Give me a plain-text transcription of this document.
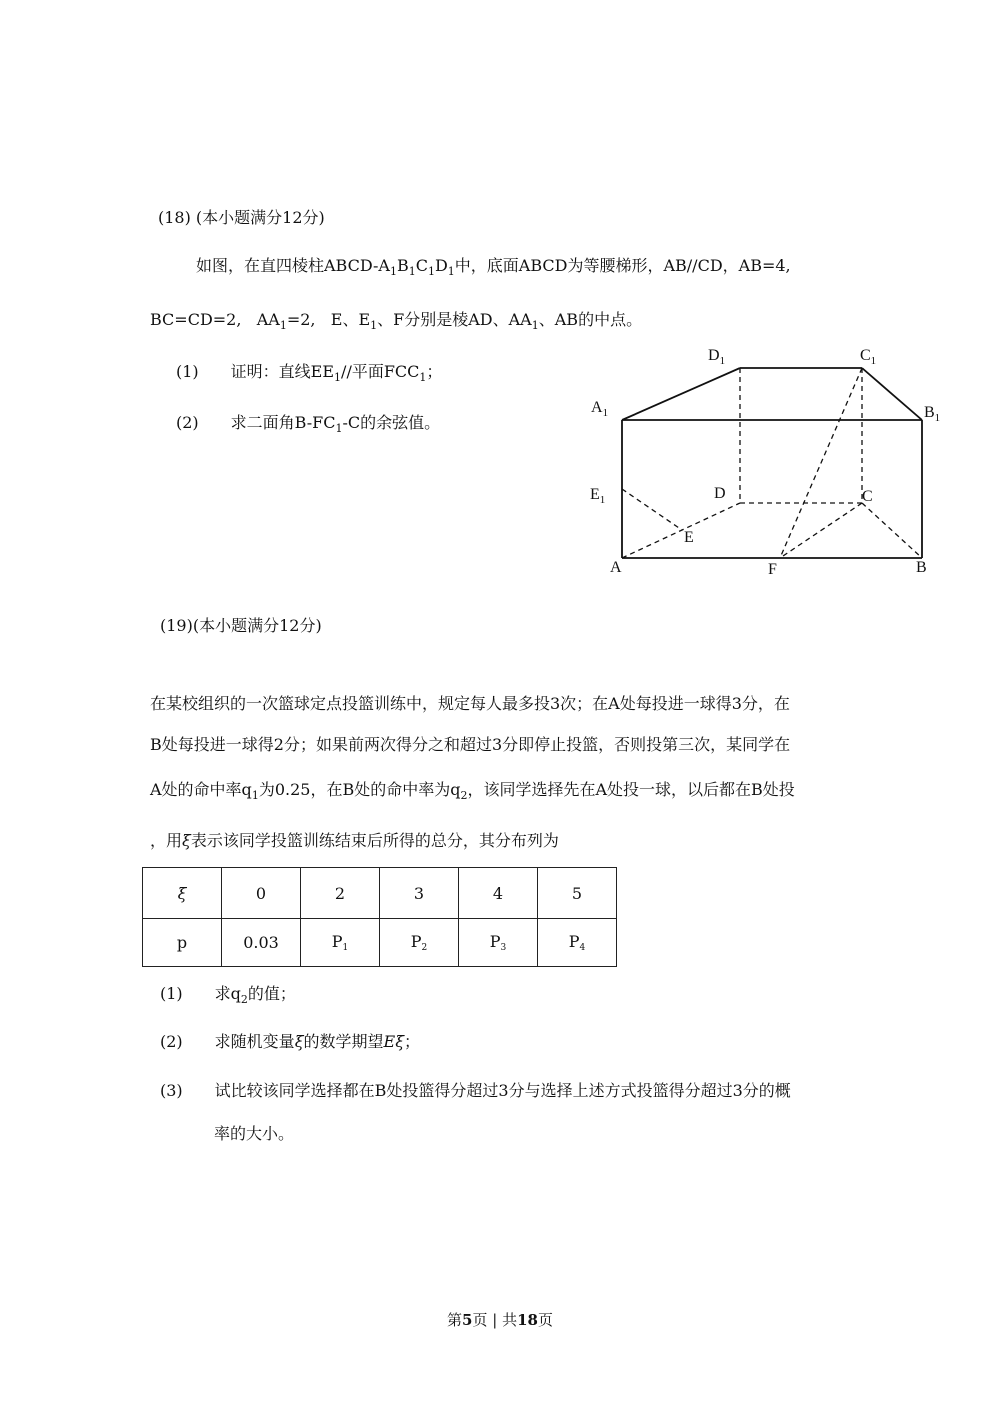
(18) (本小题满分12分)
如图，在直四棱柱ABCD-$A_1B_1C_1D_1$中，底面ABCD为等腰梯形，AB//CD，AB=4,
BC=CD=2, $AA_1=2$, E、$E_1$、F分别是棱AD、$AA_1$、AB的中点。
(1) 证明：直线$EE_1//$平面$FCC_1$；
(2) 求二面角$B-FC_1-C$的余弦值。
$D_1$	$C_1$
$A_1$	$B_1$
$E_1$	D	C
E
A	F	B
(19)(本小题满分12分)
在某校组织的一次篮球定点投篮训练中，规定每人最多投3次；在A处每投进一球得3分，在
B处每投进一球得2分；如果前两次得分之和超过3分即停止投篮，否则投第三次，某同学在
A处的命中率$q_1$为0.25，在B处的命中率为$q_2$，该同学选择先在A处投一球，以后都在B处投
，用ξ表示该同学投篮训练结束后所得的总分，其分布列为
ξ	0	2	3	4	5
p	0.03	P1	P2	P3	P4
(1) 求$q_2$的值；
(2) 求随机变量ξ的数学期望Eξ；
(3) 试比较该同学选择都在B处投篮得分超过3分与选择上述方式投篮得分超过3分的概
率的大小。
第5页 | 共18页
